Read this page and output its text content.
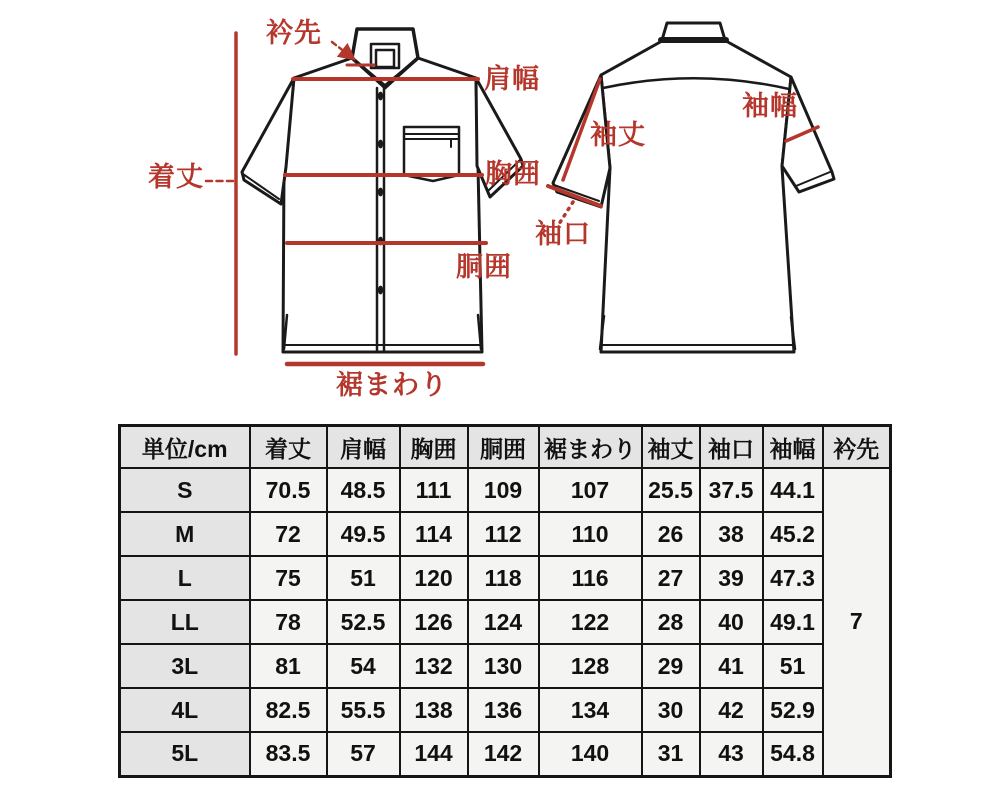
衿先
肩幅
着丈	胸囲
胴囲
裾まわり
袖丈
袖口
袖幅
単位/cm	着丈	肩幅	胸囲	胴囲	裾まわり	袖丈	袖口	袖幅	衿先
S	70.5	48.5	111	109	107	25.5	37.5	44.1	7
M	72	49.5	114	112	110	26	38	45.2	
L	75	51	120	118	116	27	39	47.3	
LL	78	52.5	126	124	122	28	40	49.1	
3L	81	54	132	130	128	29	41	51	
4L	82.5	55.5	138	136	134	30	42	52.9	
5L	83.5	57	144	142	140	31	43	54.8	
